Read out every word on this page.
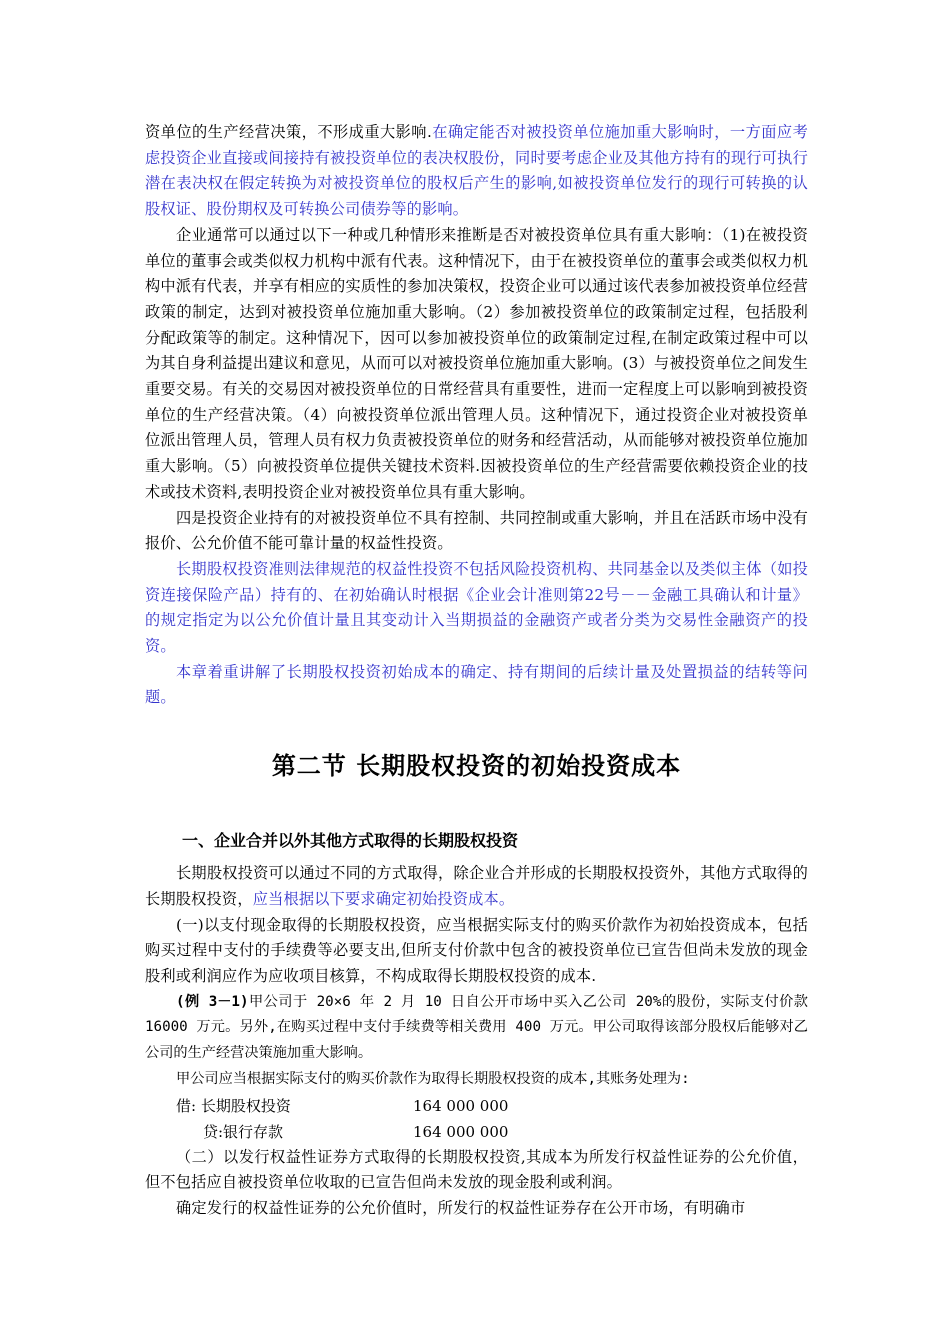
资单位的生产经营决策，不形成重大影响.在确定能否对被投资单位施加重大影响时，一方面应考虑投资企业直接或间接持有被投资单位的表决权股份，同时要考虑企业及其他方持有的现行可执行潜在表决权在假定转换为对被投资单位的股权后产生的影响,如被投资单位发行的现行可转换的认股权证、股份期权及可转换公司债券等的影响。

企业通常可以通过以下一种或几种情形来推断是否对被投资单位具有重大影响：（1)在被投资单位的董事会或类似权力机构中派有代表。这种情况下，由于在被投资单位的董事会或类似权力机构中派有代表，并享有相应的实质性的参加决策权，投资企业可以通过该代表参加被投资单位经营政策的制定，达到对被投资单位施加重大影响。（2）参加被投资单位的政策制定过程，包括股利分配政策等的制定。这种情况下，因可以参加被投资单位的政策制定过程,在制定政策过程中可以为其自身利益提出建议和意见，从而可以对被投资单位施加重大影响。(3）与被投资单位之间发生重要交易。有关的交易因对被投资单位的日常经营具有重要性，进而一定程度上可以影响到被投资单位的生产经营决策。（4）向被投资单位派出管理人员。这种情况下，通过投资企业对被投资单位派出管理人员，管理人员有权力负责被投资单位的财务和经营活动，从而能够对被投资单位施加重大影响。（5）向被投资单位提供关键技术资料.因被投资单位的生产经营需要依赖投资企业的技术或技术资料,表明投资企业对被投资单位具有重大影响。

四是投资企业持有的对被投资单位不具有控制、共同控制或重大影响，并且在活跃市场中没有报价、公允价值不能可靠计量的权益性投资。

长期股权投资准则法律规范的权益性投资不包括风险投资机构、共同基金以及类似主体（如投资连接保险产品）持有的、在初始确认时根据《企业会计准则第22号－－金融工具确认和计量》的规定指定为以公允价值计量且其变动计入当期损益的金融资产或者分类为交易性金融资产的投资。

本章着重讲解了长期股权投资初始成本的确定、持有期间的后续计量及处置损益的结转等问题。

第二节 长期股权投资的初始投资成本
一、企业合并以外其他方式取得的长期股权投资

长期股权投资可以通过不同的方式取得，除企业合并形成的长期股权投资外，其他方式取得的长期股权投资，应当根据以下要求确定初始投资成本。

(一)以支付现金取得的长期股权投资，应当根据实际支付的购买价款作为初始投资成本，包括购买过程中支付的手续费等必要支出,但所支付价款中包含的被投资单位已宣告但尚未发放的现金股利或利润应作为应收项目核算，不构成取得长期股权投资的成本.

(例 3－1)甲公司于 20×6 年 2 月 10 日自公开市场中买入乙公司 20%的股份，实际支付价款 16000 万元。另外,在购买过程中支付手续费等相关费用 400 万元。甲公司取得该部分股权后能够对乙公司的生产经营决策施加重大影响。

甲公司应当根据实际支付的购买价款作为取得长期股权投资的成本,其账务处理为:

借: 长期股权投资	164 000 000
贷:银行存款	164 000 000

（二）以发行权益性证券方式取得的长期股权投资,其成本为所发行权益性证券的公允价值，但不包括应自被投资单位收取的已宣告但尚未发放的现金股利或利润。

确定发行的权益性证券的公允价值时，所发行的权益性证券存在公开市场，有明确市
